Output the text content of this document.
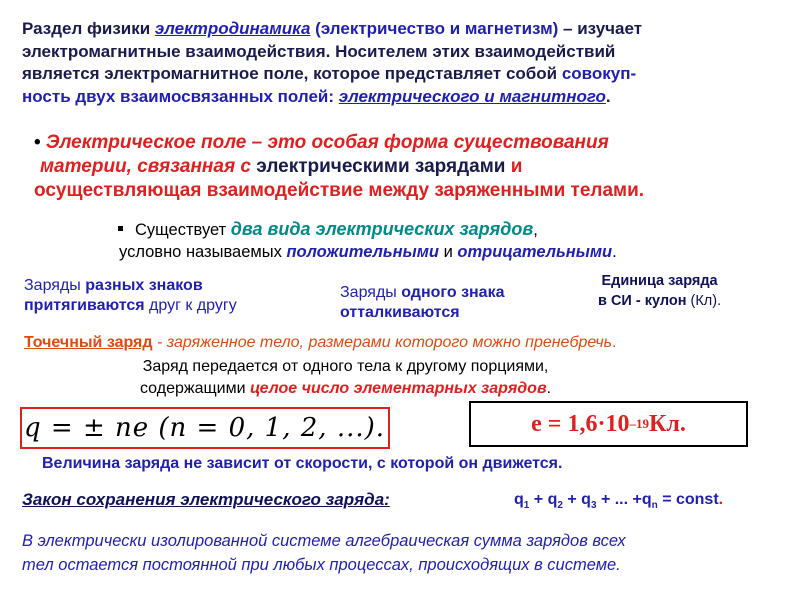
Раздел физики электродинамика (электричество и магнетизм) – изучает
электромагнитные взаимодействия. Носителем этих взаимодействий
является электромагнитное поле, которое представляет собой совокуп-
ность двух взаимосвязанных полей: электрического и магнитного.
• Электрическое поле – это особая форма существования
материи, связанная с электрическими зарядами и
осуществляющая взаимодействие между заряженными телами.
Существует два вида электрических зарядов,
условно называемых положительными и отрицательными.
Заряды разных знаков
притягиваются друг к другу
Заряды одного знака
отталкиваются
Единица заряда
в СИ - кулон (Кл).
Точечный заряд - заряженное тело, размерами которого можно пренебречь.
Заряд передается от одного тела к другому порциями,
содержащими целое число элементарных зарядов.
q = ± ne (n = 0, 1, 2, ...).	e = 1,6·10 –19 Кл.
Величина заряда не зависит от скорости, с которой он движется.
Закон сохранения электрического заряда:	$q_1 + q_2 + q_3$ + ... $+q_n$ = const.
В электрически изолированной системе алгебраическая сумма зарядов всех
тел остается постоянной при любых процессах, происходящих в системе.
